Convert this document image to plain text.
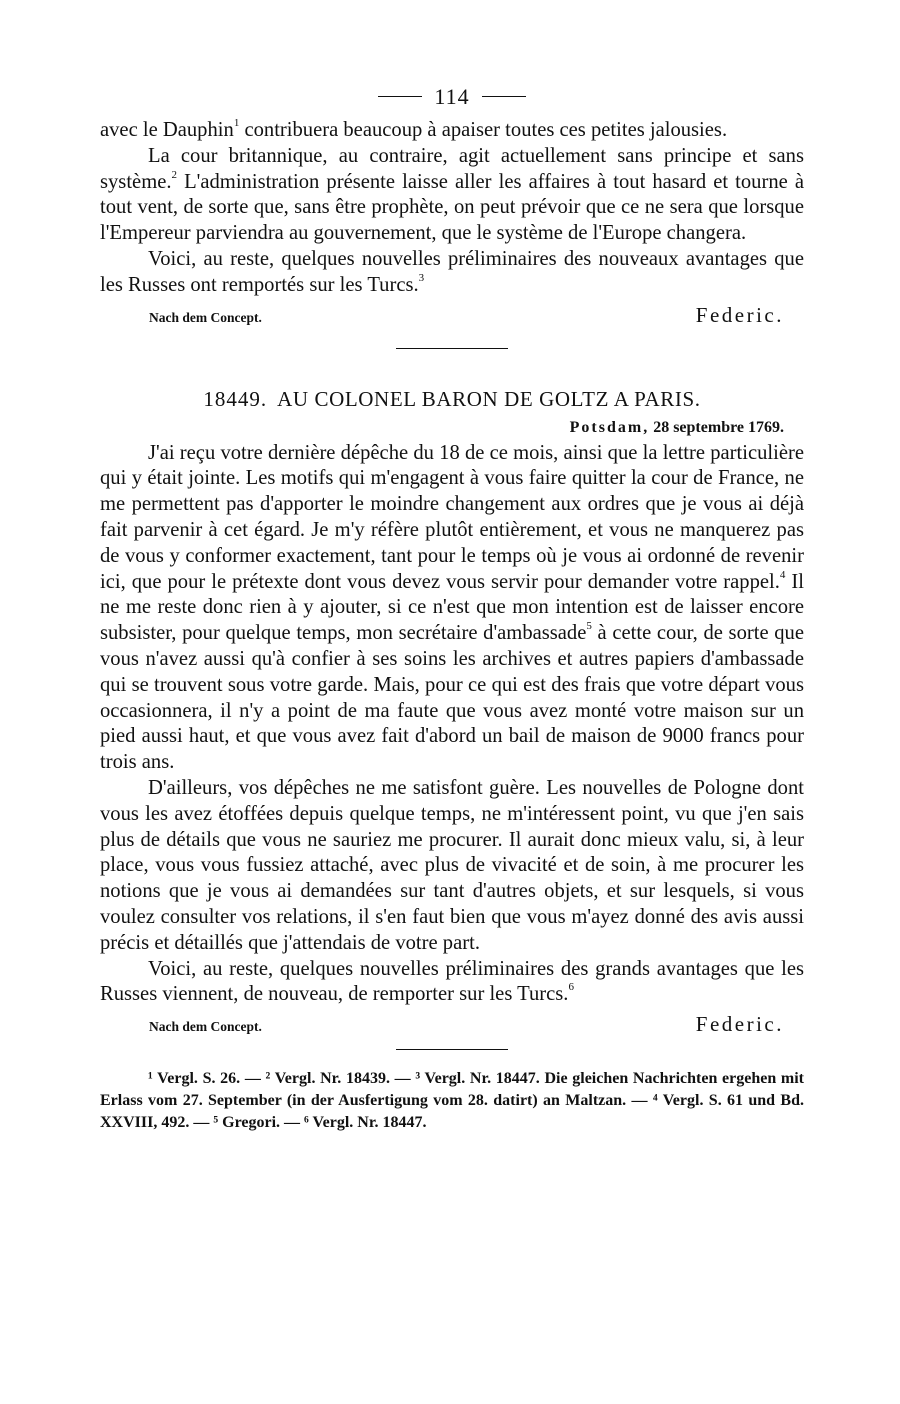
114

avec le Dauphin$^1$ contribuera beaucoup à apaiser toutes ces petites jalousies.

La cour britannique, au contraire, agit actuellement sans principe et sans système.$^2$ L'administration présente laisse aller les affaires à tout hasard et tourne à tout vent, de sorte que, sans être prophète, on peut prévoir que ce ne sera que lorsque l'Empereur parviendra au gouvernement, que le système de l'Europe changera.

Voici, au reste, quelques nouvelles préliminaires des nouveaux avantages que les Russes ont remportés sur les Turcs.$^3$

Nach dem Concept.	Federic.
18449. AU COLONEL BARON DE GOLTZ A PARIS.
Potsdam, 28 septembre 1769.

J'ai reçu votre dernière dépêche du 18 de ce mois, ainsi que la lettre particulière qui y était jointe. Les motifs qui m'engagent à vous faire quitter la cour de France, ne me permettent pas d'apporter le moindre changement aux ordres que je vous ai déjà fait parvenir à cet égard. Je m'y réfère plutôt entièrement, et vous ne manquerez pas de vous y conformer exactement, tant pour le temps où je vous ai ordonné de revenir ici, que pour le prétexte dont vous devez vous servir pour demander votre rappel.$^4$ Il ne me reste donc rien à y ajouter, si ce n'est que mon intention est de laisser encore subsister, pour quelque temps, mon secrétaire d'ambassade$^5$ à cette cour, de sorte que vous n'avez aussi qu'à confier à ses soins les archives et autres papiers d'ambassade qui se trouvent sous votre garde. Mais, pour ce qui est des frais que votre départ vous occasionnera, il n'y a point de ma faute que vous avez monté votre maison sur un pied aussi haut, et que vous avez fait d'abord un bail de maison de 9000 francs pour trois ans.

D'ailleurs, vos dépêches ne me satisfont guère. Les nouvelles de Pologne dont vous les avez étoffées depuis quelque temps, ne m'intéressent point, vu que j'en sais plus de détails que vous ne sauriez me procurer. Il aurait donc mieux valu, si, à leur place, vous vous fussiez attaché, avec plus de vivacité et de soin, à me procurer les notions que je vous ai demandées sur tant d'autres objets, et sur lesquels, si vous voulez consulter vos relations, il s'en faut bien que vous m'ayez donné des avis aussi précis et détaillés que j'attendais de votre part.

Voici, au reste, quelques nouvelles préliminaires des grands avantages que les Russes viennent, de nouveau, de remporter sur les Turcs.$^6$

Nach dem Concept.	Federic.
¹ Vergl. S. 26. — ² Vergl. Nr. 18439. — ³ Vergl. Nr. 18447. Die gleichen Nachrichten ergehen mit Erlass vom 27. September (in der Ausfertigung vom 28. datirt) an Maltzan. — ⁴ Vergl. S. 61 und Bd. XXVIII, 492. — ⁵ Gregori. — ⁶ Vergl. Nr. 18447.
